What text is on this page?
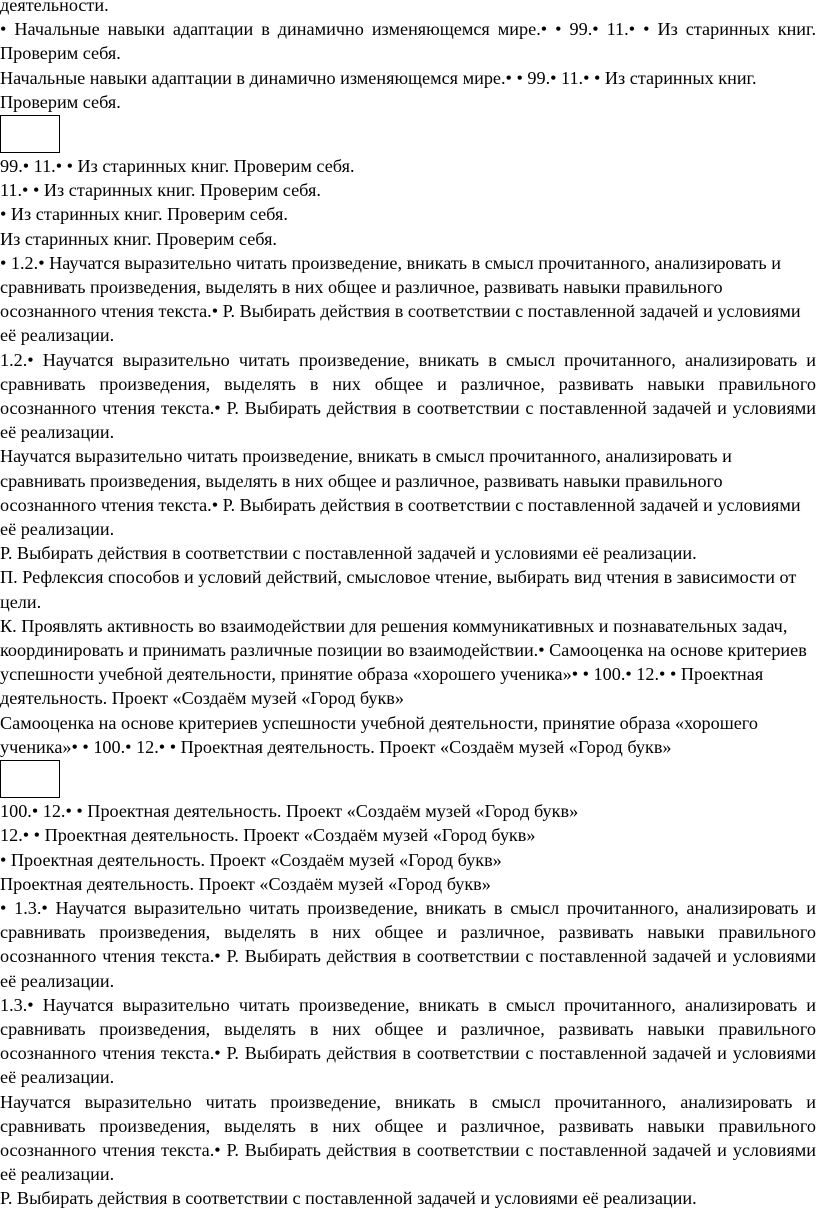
деятельности.

• Начальные навыки адаптации в динамично изменяющемся мире.• • 99.• 11.• • Из старинных книг. Проверим себя.

Начальные навыки адаптации в динамично изменяющемся мире.• • 99.• 11.• • Из старинных книг. Проверим себя.

99.• 11.• • Из старинных книг. Проверим себя.

11.• • Из старинных книг. Проверим себя.

• Из старинных книг. Проверим себя.

Из старинных книг. Проверим себя.

• 1.2.• Научатся выразительно читать произведение, вникать в смысл прочитанного, анализировать и сравнивать произведения, выделять в них общее и различное, развивать навыки правильного осознанного чтения текста.• Р. Выбирать действия в соответствии с поставленной задачей и условиями её реализации.

1.2.• Научатся выразительно читать произведение, вникать в смысл прочитанного, анализировать и сравнивать произведения, выделять в них общее и различное, развивать навыки правильного осознанного чтения текста.• Р. Выбирать действия в соответствии с поставленной задачей и условиями её реализации.

Научатся выразительно читать произведение, вникать в смысл прочитанного, анализировать и сравнивать произведения, выделять в них общее и различное, развивать навыки правильного осознанного чтения текста.• Р. Выбирать действия в соответствии с поставленной задачей и условиями её реализации.

Р. Выбирать действия в соответствии с поставленной задачей и условиями её реализации.

П. Рефлексия способов и условий действий, смысловое чтение, выбирать вид чтения в зависимости от цели.

К. Проявлять активность во взаимодействии для решения коммуникативных и познавательных задач, координировать и принимать различные позиции во взаимодействии.• Самооценка на основе критериев успешности учебной деятельности, принятие образа «хорошего ученика»• • 100.• 12.• • Проектная деятельность. Проект «Создаём музей «Город букв»

Самооценка на основе критериев успешности учебной деятельности, принятие образа «хорошего ученика»• • 100.• 12.• • Проектная деятельность. Проект «Создаём музей «Город букв»

100.• 12.• • Проектная деятельность. Проект «Создаём музей «Город букв»

12.• • Проектная деятельность. Проект «Создаём музей «Город букв»

• Проектная деятельность. Проект «Создаём музей «Город букв»

Проектная деятельность. Проект «Создаём музей «Город букв»

• 1.3.• Научатся выразительно читать произведение, вникать в смысл прочитанного, анализировать и сравнивать произведения, выделять в них общее и различное, развивать навыки правильного осознанного чтения текста.• Р. Выбирать действия в соответствии с поставленной задачей и условиями её реализации.

1.3.• Научатся выразительно читать произведение, вникать в смысл прочитанного, анализировать и сравнивать произведения, выделять в них общее и различное, развивать навыки правильного осознанного чтения текста.• Р. Выбирать действия в соответствии с поставленной задачей и условиями её реализации.

Научатся выразительно читать произведение, вникать в смысл прочитанного, анализировать и сравнивать произведения, выделять в них общее и различное, развивать навыки правильного осознанного чтения текста.• Р. Выбирать действия в соответствии с поставленной задачей и условиями её реализации.

Р. Выбирать действия в соответствии с поставленной задачей и условиями её реализации.
